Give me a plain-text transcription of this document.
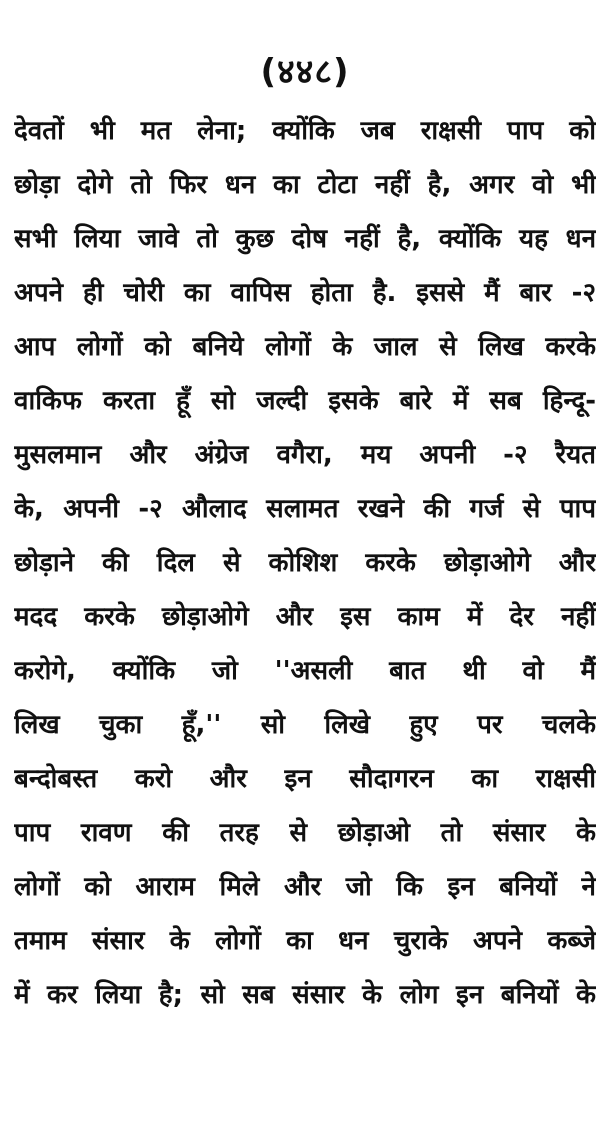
(४४८)
देवतों भी मत लेना; क्योंकि जब राक्षसी पाप को
छोड़ा दोगे तो फिर धन का टोटा नहीं है, अगर वो भी
सभी लिया जावे तो कुछ दोष नहीं है, क्योंकि यह धन
अपने ही चोरी का वापिस होता है. इससे मैं बार -२
आप लोगों को बनिये लोगों के जाल से लिख करके
वाकिफ करता हूँ सो जल्दी इसके बारे में सब हिन्दू-
मुसलमान और अंग्रेज वगैरा, मय अपनी -२ रैयत
के, अपनी -२ औलाद सलामत रखने की गर्ज से पाप
छोड़ाने की दिल से कोशिश करके छोड़ाओगे और
मदद करके छोड़ाओगे और इस काम में देर नहीं
करोगे, क्योंकि जो ''असली बात थी वो मैं
लिख चुका हूँ,'' सो लिखे हुए पर चलके
बन्दोबस्त करो और इन सौदागरन का राक्षसी
पाप रावण की तरह से छोड़ाओ तो संसार के
लोगों को आराम मिले और जो कि इन बनियों ने
तमाम संसार के लोगों का धन चुराके अपने कब्जे
में कर लिया है; सो सब संसार के लोग इन बनियों के
